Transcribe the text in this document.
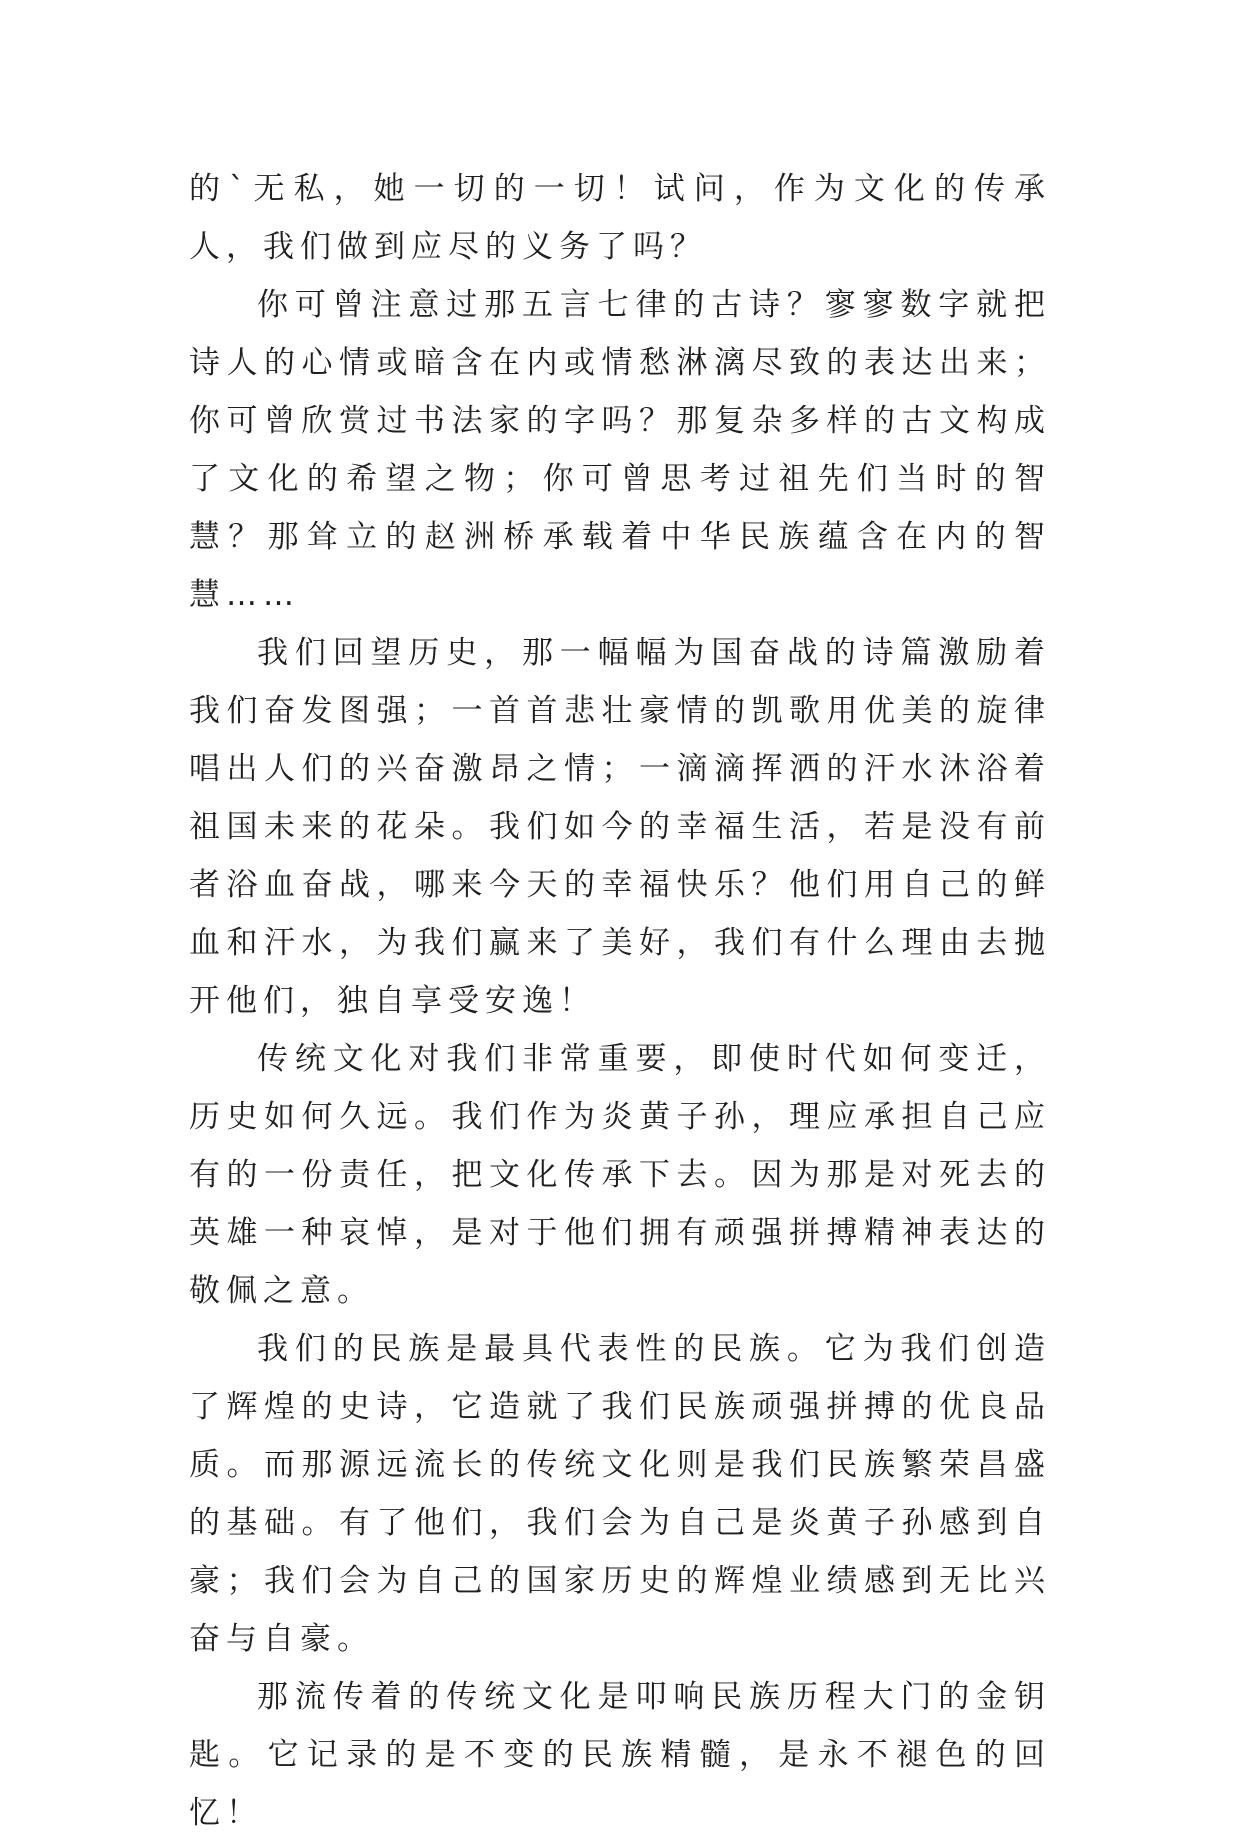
的`无私，她一切的一切！试问，作为文化的传承人，我们做到应尽的义务了吗？

你可曾注意过那五言七律的古诗？寥寥数字就把诗人的心情或暗含在内或情愁淋漓尽致的表达出来；你可曾欣赏过书法家的字吗？那复杂多样的古文构成了文化的希望之物；你可曾思考过祖先们当时的智慧？那耸立的赵洲桥承载着中华民族蕴含在内的智慧……

我们回望历史，那一幅幅为国奋战的诗篇激励着我们奋发图强；一首首悲壮豪情的凯歌用优美的旋律唱出人们的兴奋激昂之情；一滴滴挥洒的汗水沐浴着祖国未来的花朵。我们如今的幸福生活，若是没有前者浴血奋战，哪来今天的幸福快乐？他们用自己的鲜血和汗水，为我们赢来了美好，我们有什么理由去抛开他们，独自享受安逸！

传统文化对我们非常重要，即使时代如何变迁，历史如何久远。我们作为炎黄子孙，理应承担自己应有的一份责任，把文化传承下去。因为那是对死去的英雄一种哀悼，是对于他们拥有顽强拼搏精神表达的敬佩之意。

我们的民族是最具代表性的民族。它为我们创造了辉煌的史诗，它造就了我们民族顽强拼搏的优良品质。而那源远流长的传统文化则是我们民族繁荣昌盛的基础。有了他们，我们会为自己是炎黄子孙感到自豪；我们会为自己的国家历史的辉煌业绩感到无比兴奋与自豪。

那流传着的传统文化是叩响民族历程大门的金钥匙。它记录的是不变的民族精髓，是永不褪色的回忆！
